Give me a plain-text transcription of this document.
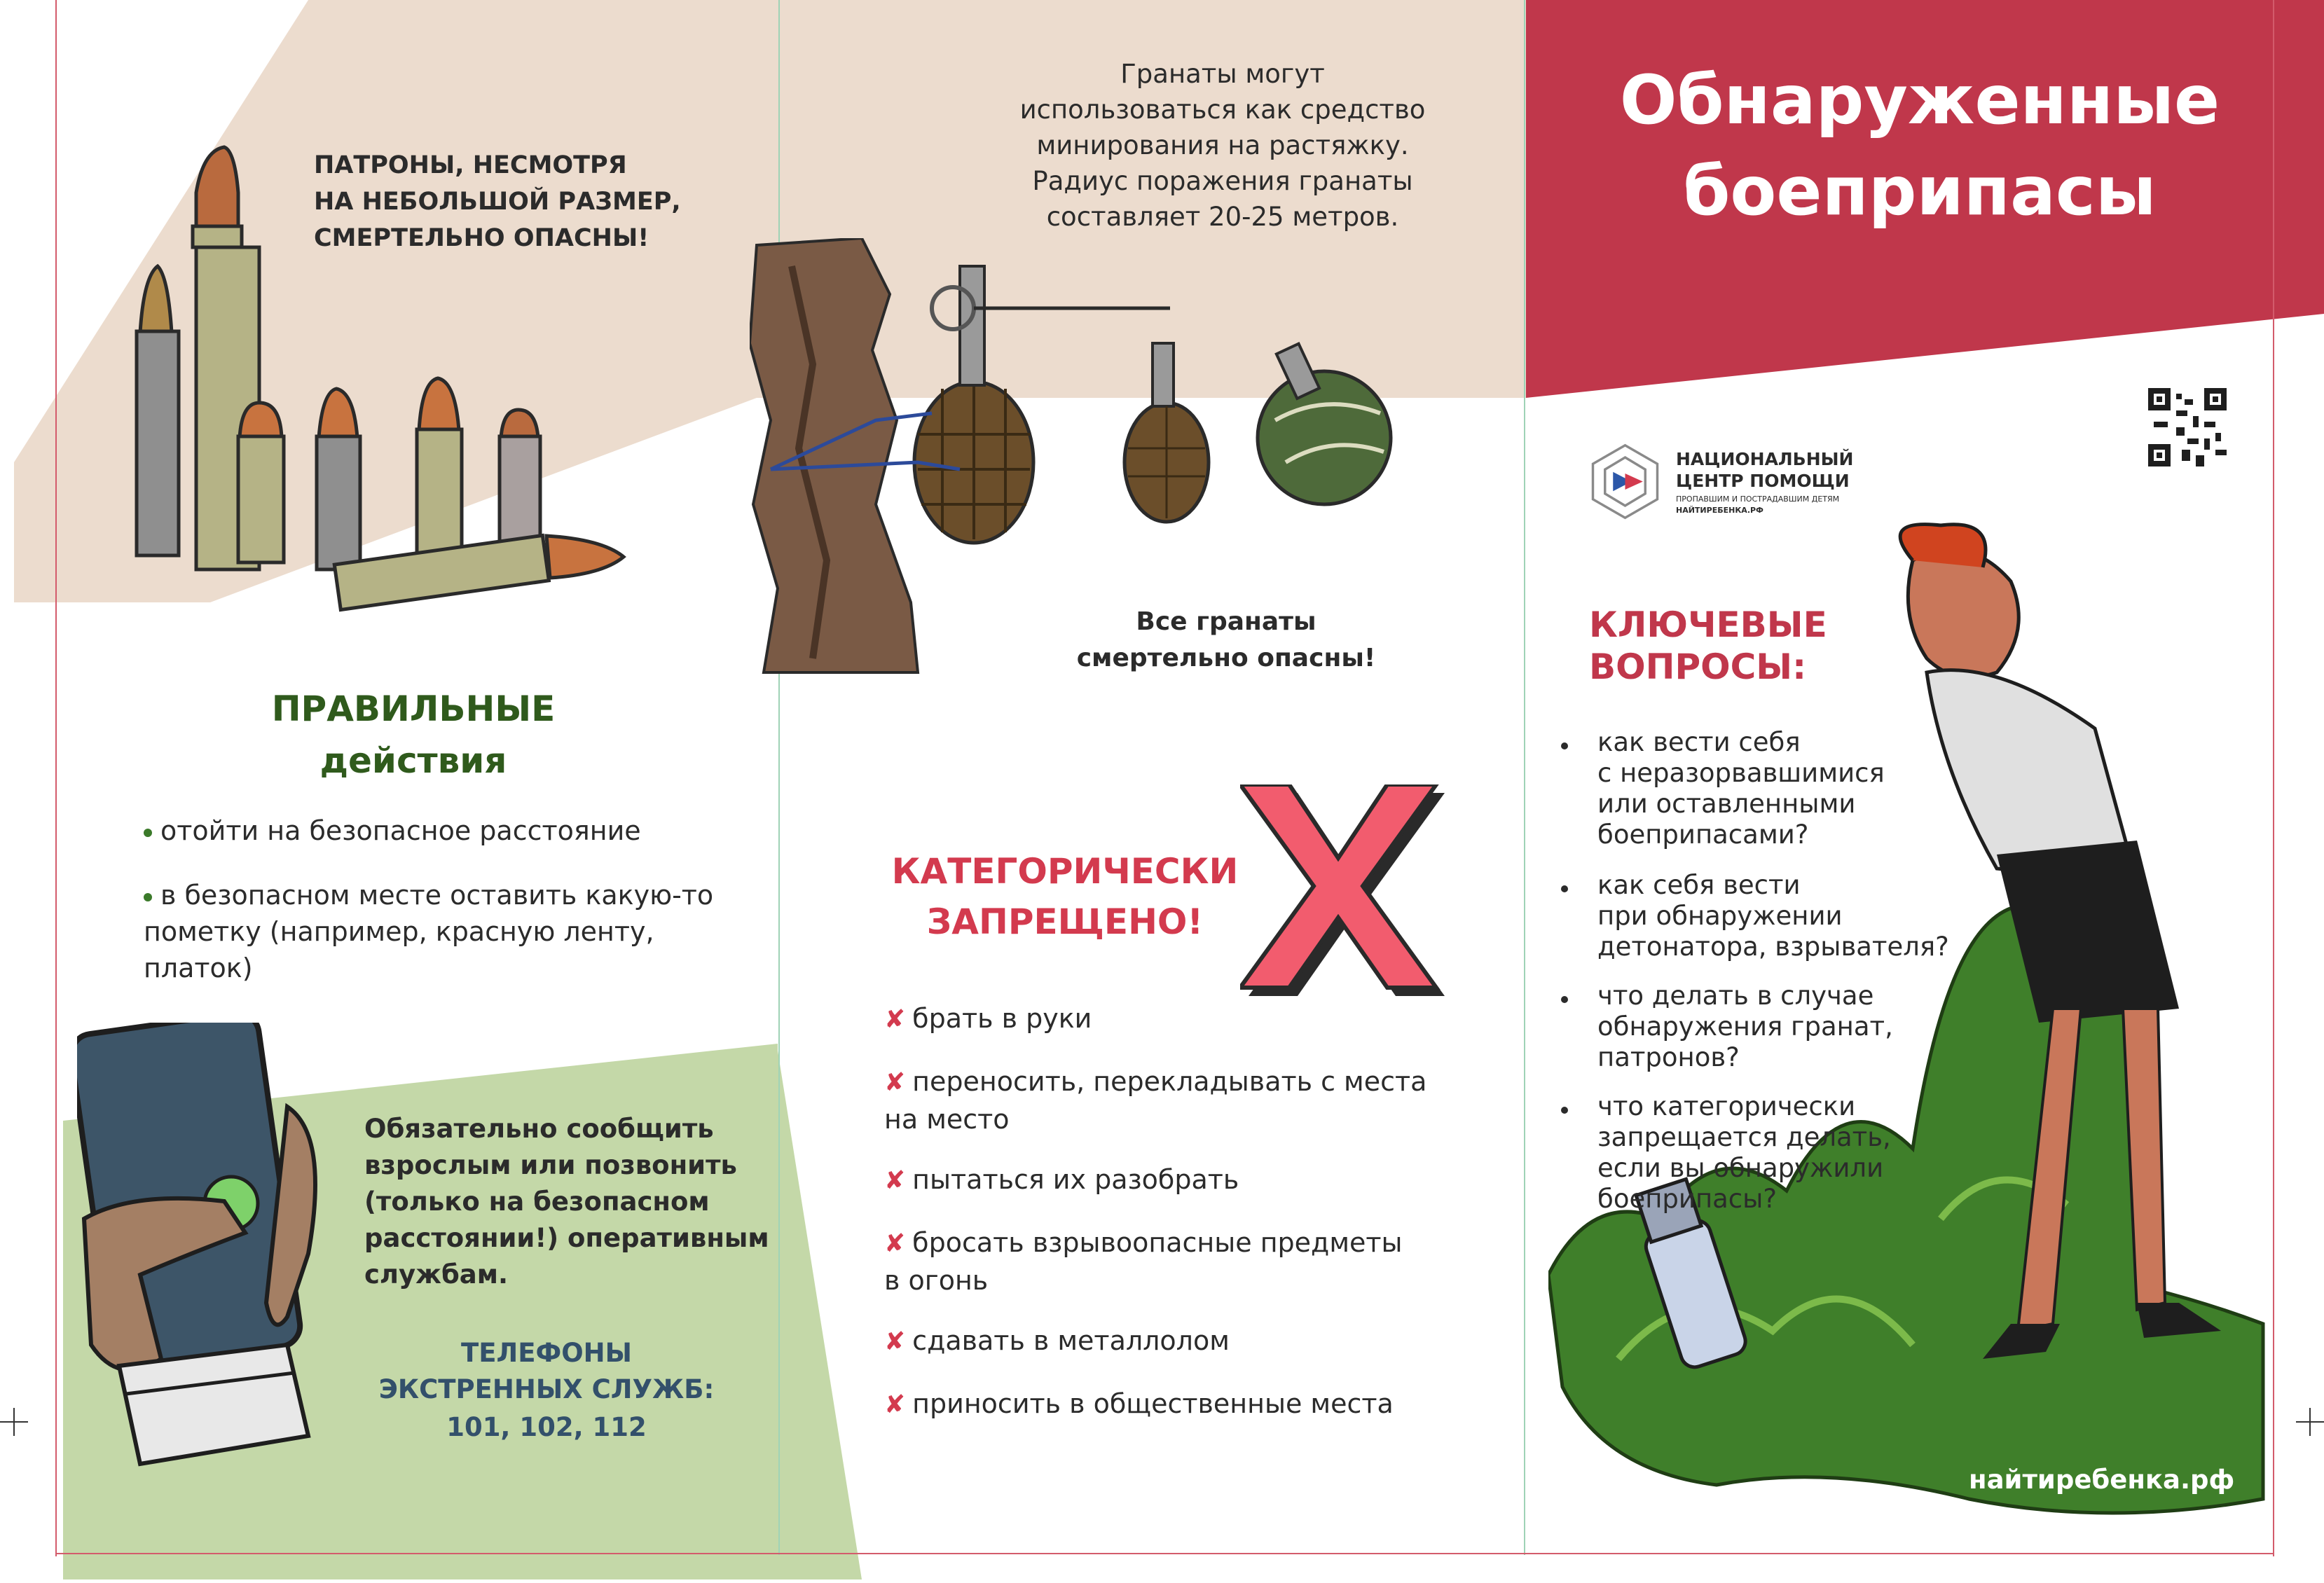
Обнаруженные
боеприпасы
ПАТРОНЫ, НЕСМОТРЯ
НА НЕБОЛЬШОЙ РАЗМЕР,
СМЕРТЕЛЬНО ОПАСНЫ!
ПРАВИЛЬНЫЕ
действия
отойти на безопасное расстояние
в безопасном месте оставить какую-то
пометку (например, красную ленту,
платок)
Обязательно сообщить
взрослым или позвонить
(только на безопасном
расстоянии!) оперативным
службам.
ТЕЛЕФОНЫ
ЭКСТРЕННЫХ СЛУЖБ:
101, 102, 112
Гранаты могут
использоваться как средство
минирования на растяжку.
Радиус поражения гранаты
составляет 20-25 метров.
Все гранаты
смертельно опасны!
КАТЕГОРИЧЕСКИ
ЗАПРЕЩЕНО!
✘ брать в руки
✘ переносить, перекладывать с места
на место
✘ пытаться их разобрать
✘ бросать взрывоопасные предметы
в огонь
✘ сдавать в металлолом
✘ приносить в общественные места
НАЦИОНАЛЬНЫЙ
ЦЕНТР ПОМОЩИ
ПРОПАВШИМ И ПОСТРАДАВШИМ ДЕТЯМ
НАЙТИРЕБЕНКА.РФ
КЛЮЧЕВЫЕ
ВОПРОСЫ:
как вести себя
с неразорвавшимися
или оставленными
боеприпасами?
как себя вести
при обнаружении
детонатора, взрывателя?
что делать в случае
обнаружения гранат,
патронов?
что категорически
запрещается делать,
если вы обнаружили
боеприпасы?
найтиребенка.рф
